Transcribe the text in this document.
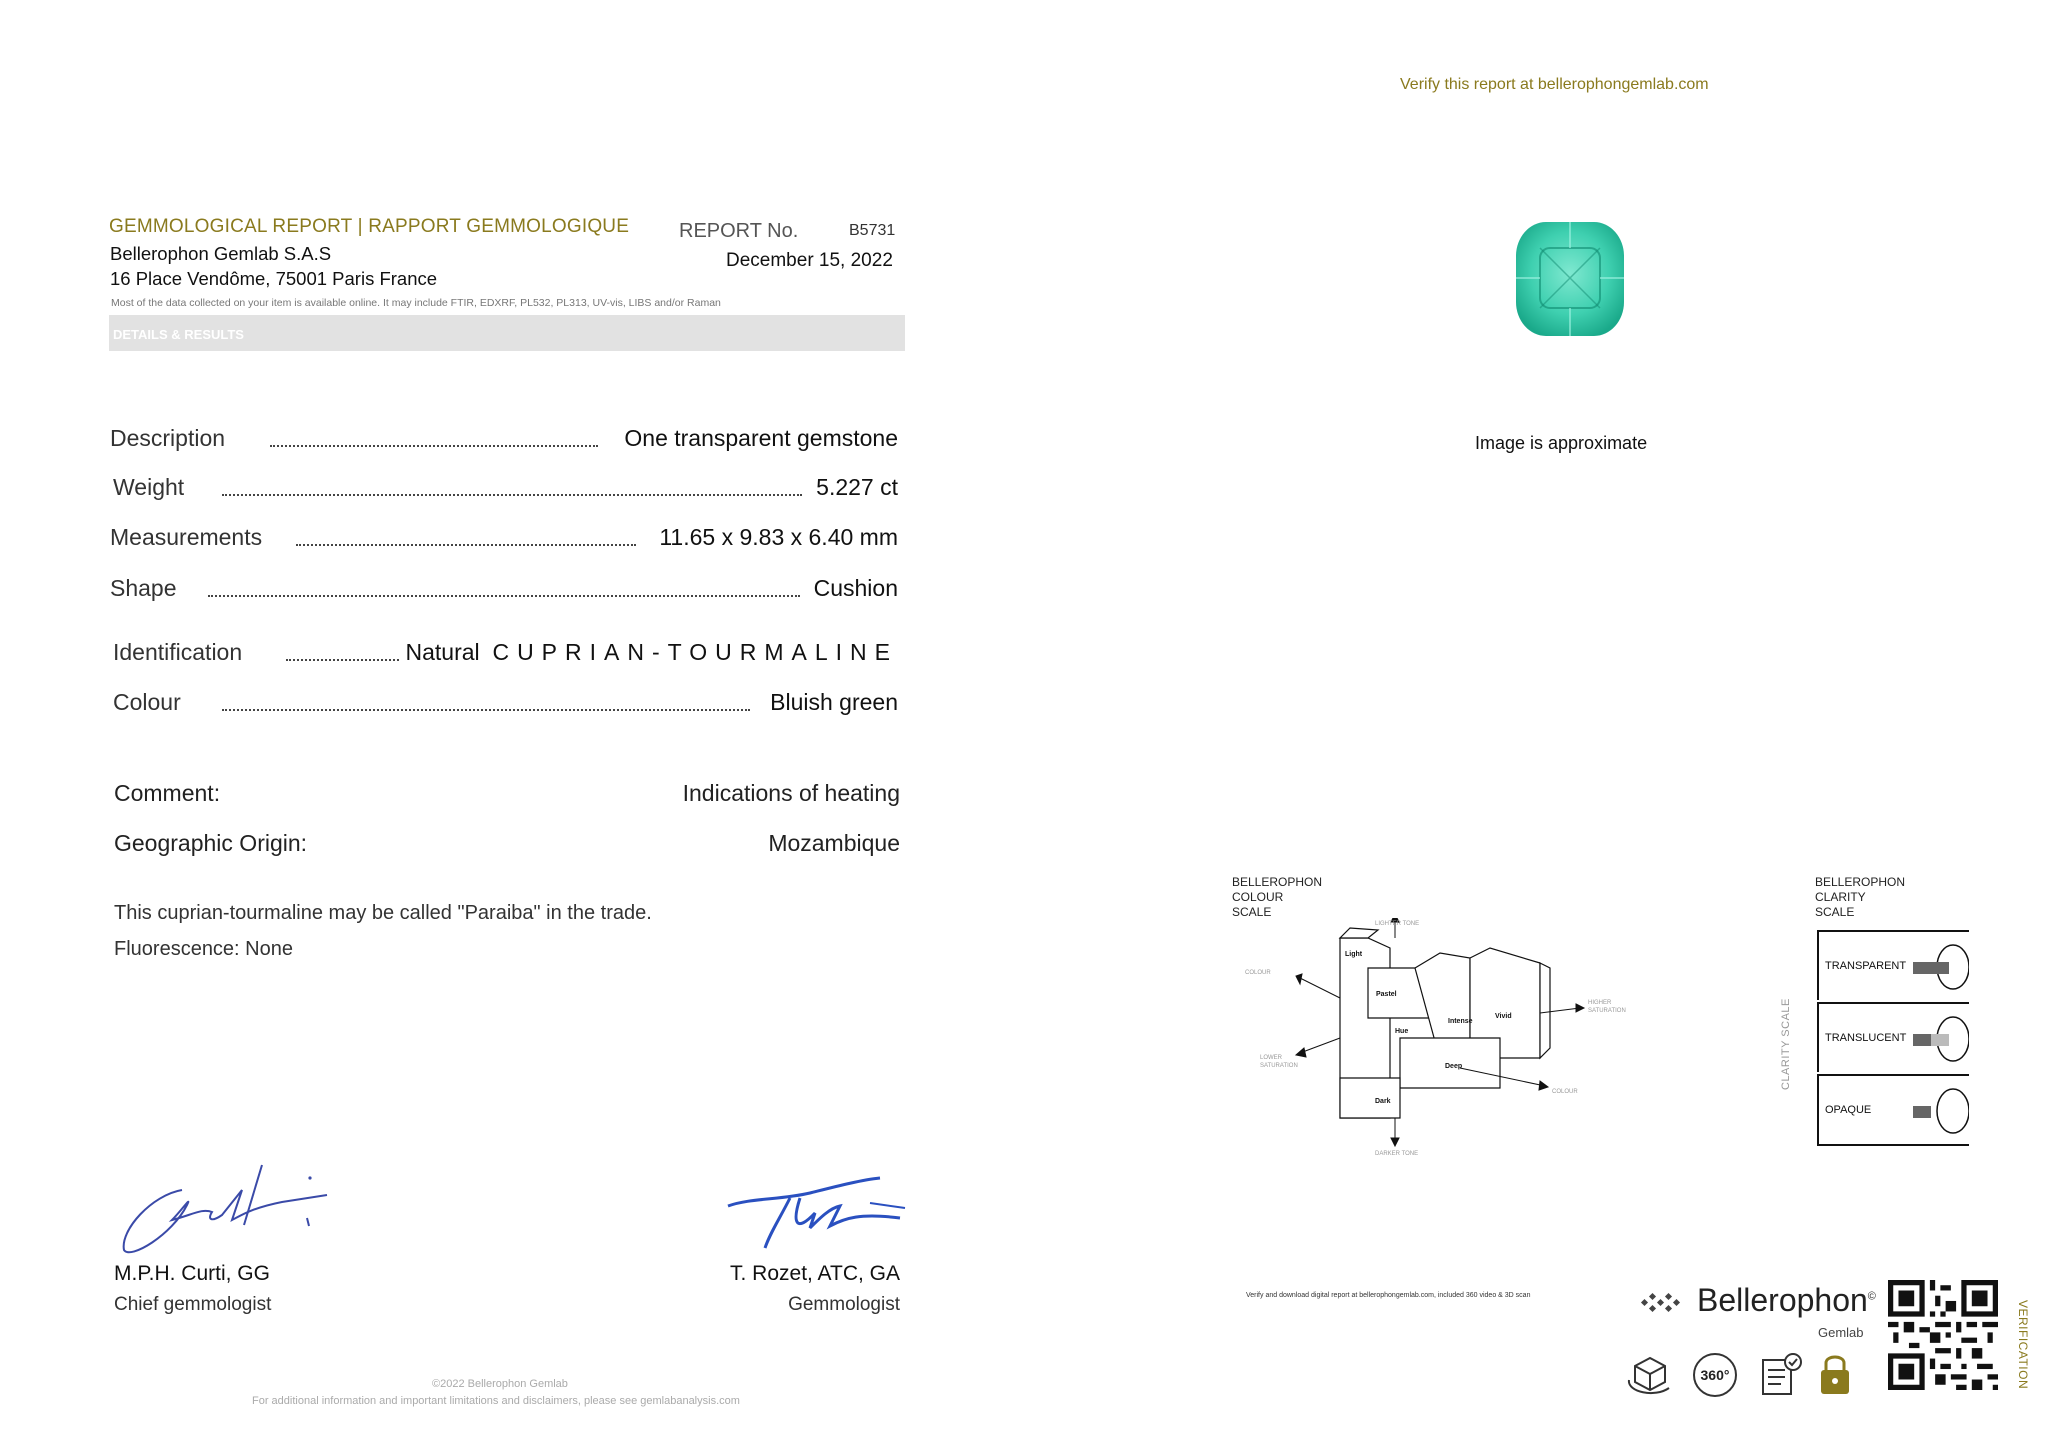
Verify this report at bellerophongemlab.com
GEMMOLOGICAL REPORT | RAPPORT GEMMOLOGIQUE
Bellerophon Gemlab S.A.S
16 Place Vendôme, 75001 Paris France
REPORT No.	B5731
December 15, 2022
Most of the data collected on your item is available online. It may include FTIR, EDXRF, PL532, PL313, UV-vis, LIBS and/or Raman
DETAILS & RESULTS
Description	One transparent gemstone
Weight	5.227 ct
Measurements	11.65 x 9.83 x 6.40 mm
Shape	Cushion
Identification	Natural CUPRIAN-TOURMALINE
Colour	Bluish green
Comment:	Indications of heating
Geographic Origin:	Mozambique
This cuprian-tourmaline may be called "Paraiba" in the trade.
Fluorescence: None
M.P.H. Curti, GG
Chief gemmologist
T. Rozet, ATC, GA
Gemmologist
©2022 Bellerophon Gemlab
For additional information and important limitations and disclaimers, please see gemlabanalysis.com
Image is approximate
BELLEROPHON
COLOUR
SCALE
Light
Pastel
Hue
Dark
Intense
Vivid
Deep
LIGHTER TONE
DARKER TONE
HIGHER
SATURATION
LOWER
SATURATION
COLOUR
COLOUR
BELLEROPHON
CLARITY
SCALE
CLARITY SCALE
TRANSPARENT
TRANSLUCENT
OPAQUE
Verify and download digital report at bellerophongemlab.com, included 360 video & 3D scan	Bellerophon©
Gemlab
360°	VERIFICATION
